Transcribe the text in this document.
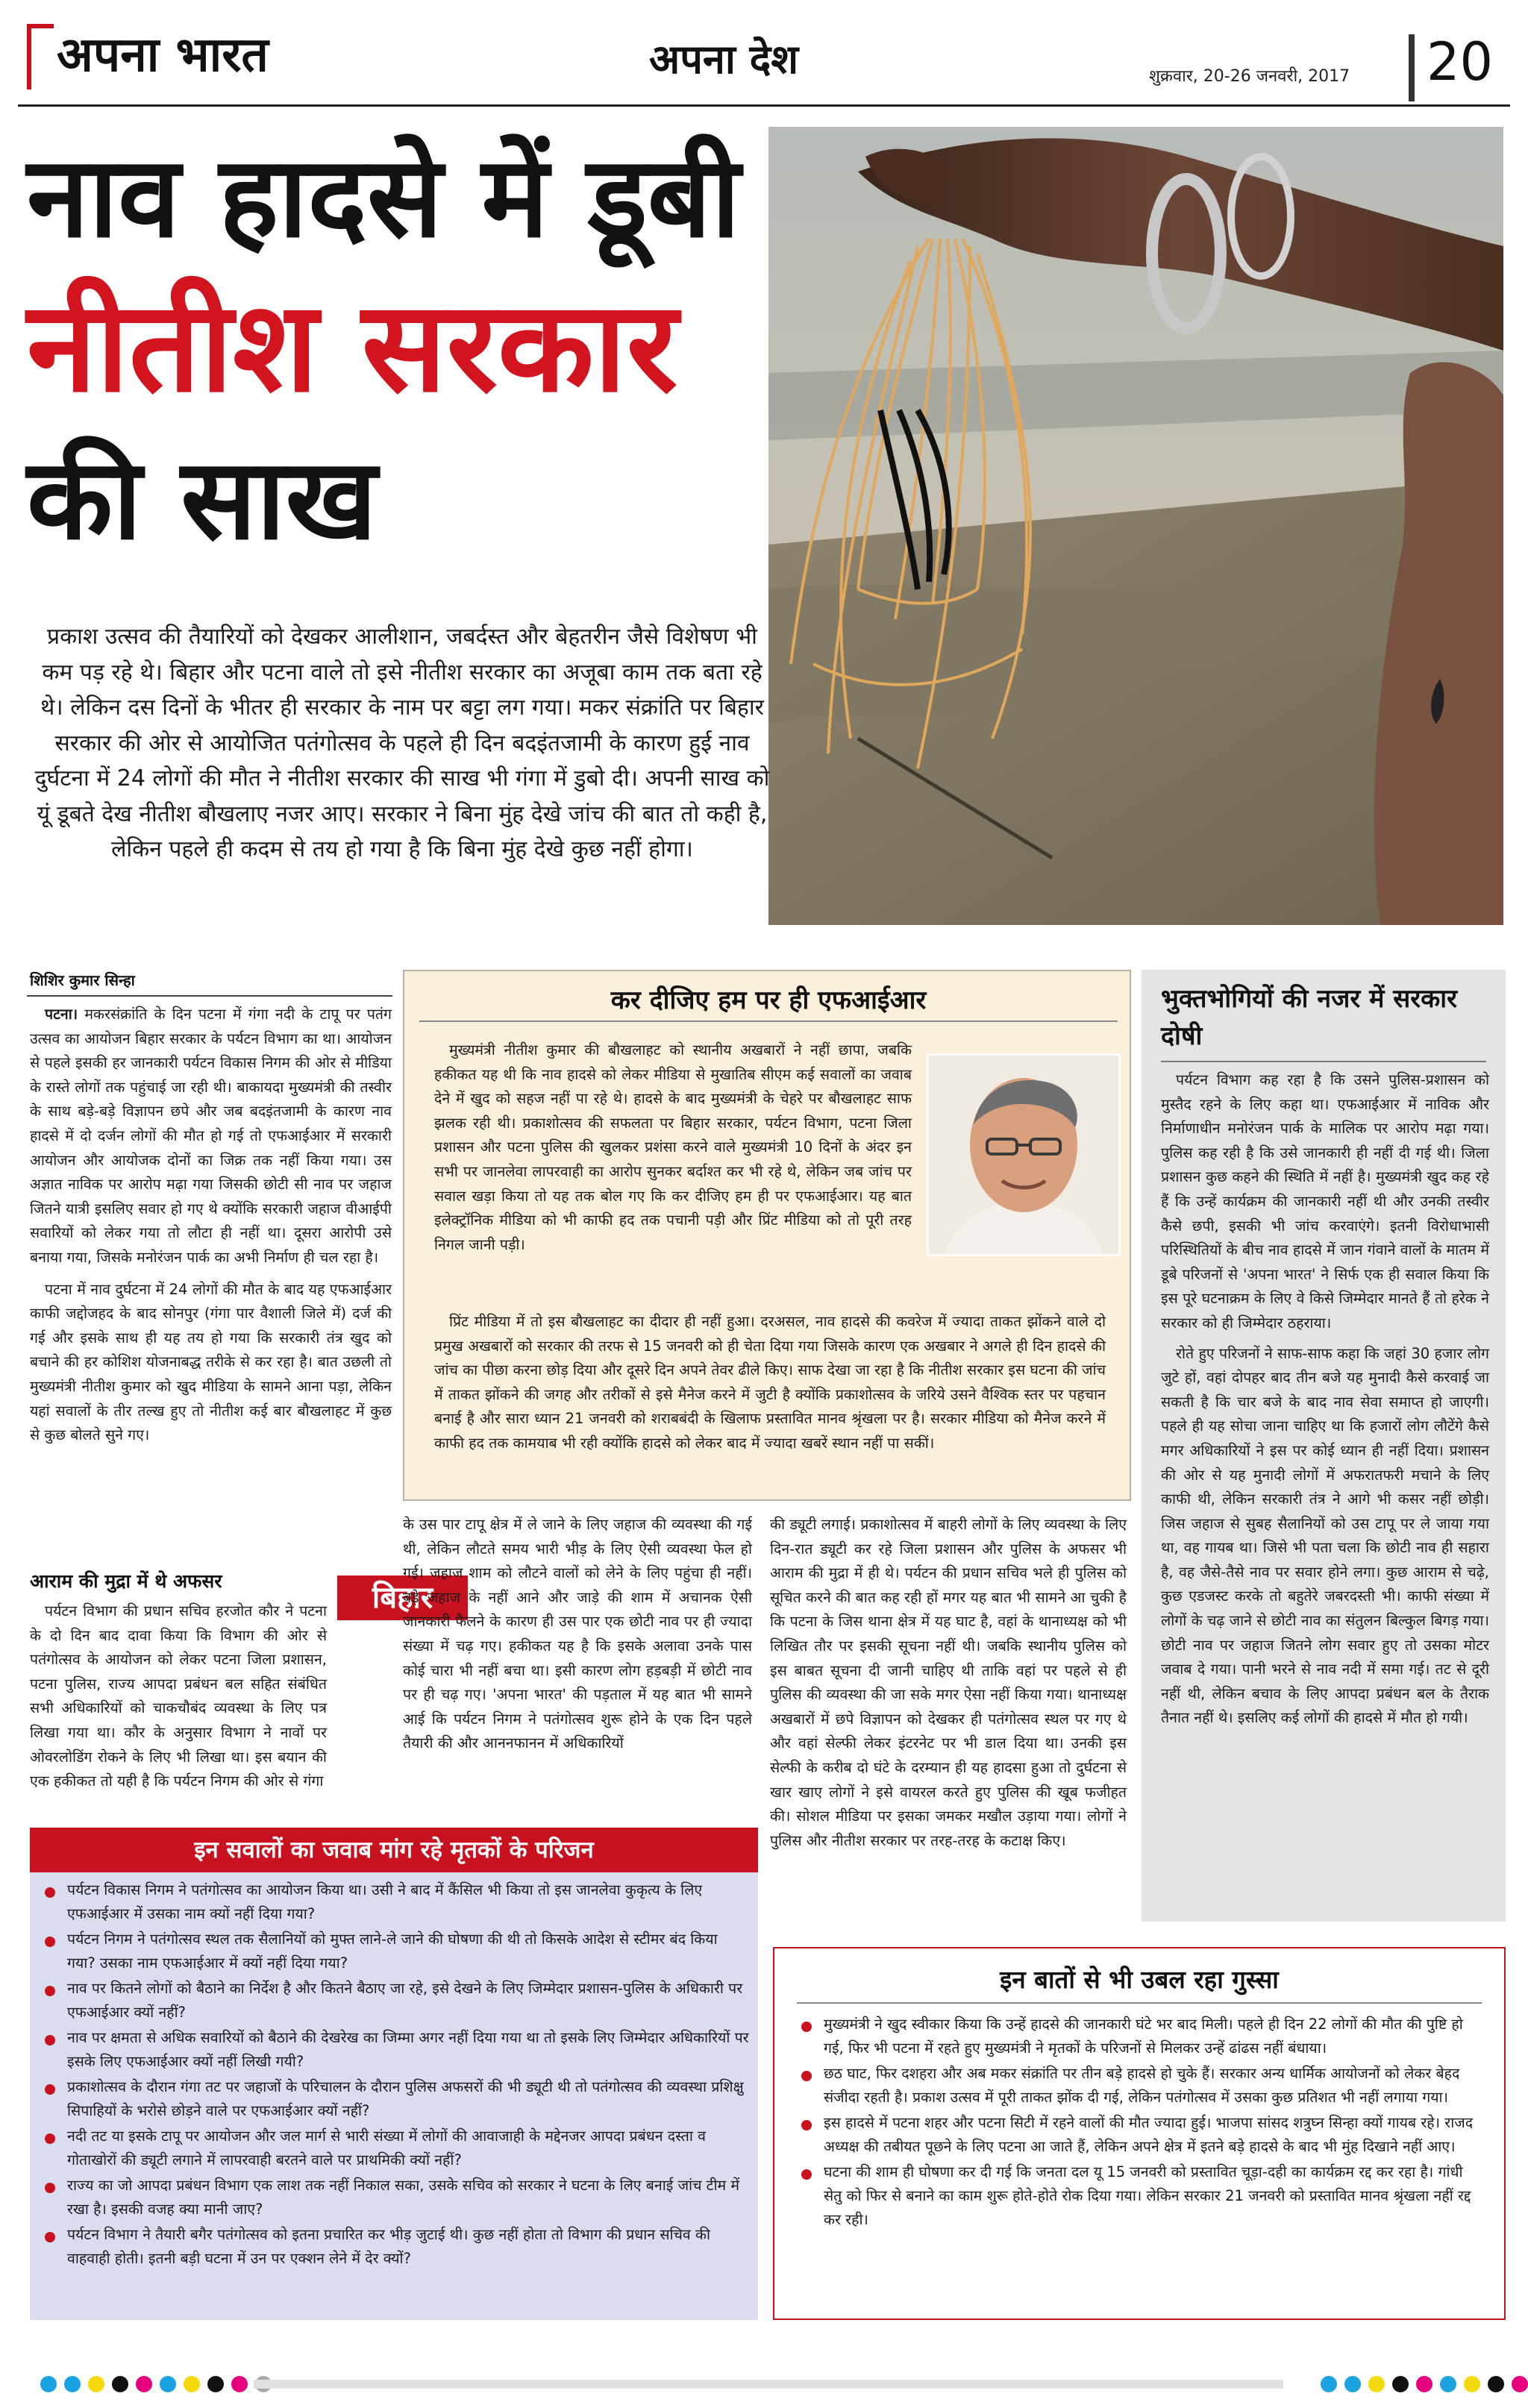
अपना भारत	अपना देश	शुक्रवार, 20-26 जनवरी, 2017 20
नाव हादसे में डूबी
नीतीश सरकार
की साख

प्रकाश उत्सव की तैयारियों को देखकर आलीशान, जबर्दस्त और बेहतरीन जैसे विशेषण भी कम पड़ रहे थे। बिहार और पटना वाले तो इसे नीतीश सरकार का अजूबा काम तक बता रहे थे। लेकिन दस दिनों के भीतर ही सरकार के नाम पर बट्टा लग गया। मकर संक्रांति पर बिहार सरकार की ओर से आयोजित पतंगोत्सव के पहले ही दिन बदइंतजामी के कारण हुई नाव दुर्घटना में 24 लोगों की मौत ने नीतीश सरकार की साख भी गंगा में डुबो दी। अपनी साख को यूं डूबते देख नीतीश बौखलाए नजर आए। सरकार ने बिना मुंह देखे जांच की बात तो कही है, लेकिन पहले ही कदम से तय हो गया है कि बिना मुंह देखे कुछ नहीं होगा।

शिशिर कुमार सिन्हा

पटना। मकरसंक्रांति के दिन पटना में गंगा नदी के टापू पर पतंग उत्सव का आयोजन बिहार सरकार के पर्यटन विभाग का था। आयोजन से पहले इसकी हर जानकारी पर्यटन विकास निगम की ओर से मीडिया के रास्ते लोगों तक पहुंचाई जा रही थी। बाकायदा मुख्यमंत्री की तस्वीर के साथ बड़े-बड़े विज्ञापन छपे और जब बदइंतजामी के कारण नाव हादसे में दो दर्जन लोगों की मौत हो गई तो एफआईआर में सरकारी आयोजन और आयोजक दोनों का जिक्र तक नहीं किया गया। उस अज्ञात नाविक पर आरोप मढ़ा गया जिसकी छोटी सी नाव पर जहाज जितने यात्री इसलिए सवार हो गए थे क्योंकि सरकारी जहाज वीआईपी सवारियों को लेकर गया तो लौटा ही नहीं था। दूसरा आरोपी उसे बनाया गया, जिसके मनोरंजन पार्क का अभी निर्माण ही चल रहा है।

पटना में नाव दुर्घटना में 24 लोगों की मौत के बाद यह एफआईआर काफी जद्दोजहद के बाद सोनपुर (गंगा पार वैशाली जिले में) दर्ज की गई और इसके साथ ही यह तय हो गया कि सरकारी तंत्र खुद को बचाने की हर कोशिश योजनाबद्ध तरीके से कर रहा है। बात उछली तो मुख्यमंत्री नीतीश कुमार को खुद मीडिया के सामने आना पड़ा, लेकिन यहां सवालों के तीर तल्ख हुए तो नीतीश कई बार बौखलाहट में कुछ से कुछ बोलते सुने गए।

आराम की मुद्रा में थे अफसर	बिहार

पर्यटन विभाग की प्रधान सचिव हरजोत कौर ने पटना के दो दिन बाद दावा किया कि विभाग की ओर से पतंगोत्सव के आयोजन को लेकर पटना जिला प्रशासन, पटना पुलिस, राज्य आपदा प्रबंधन बल सहित संबंधित सभी अधिकारियों को चाकचौबंद व्यवस्था के लिए पत्र लिखा गया था। कौर के अनुसार विभाग ने नावों पर ओवरलोडिंग रोकने के लिए भी लिखा था। इस बयान की एक हकीकत तो यही है कि पर्यटन निगम की ओर से गंगा

के उस पार टापू क्षेत्र में ले जाने के लिए जहाज की व्यवस्था की गई थी, लेकिन लौटते समय भारी भीड़ के लिए ऐसी व्यवस्था फेल हो गई। जहाज शाम को लौटने वालों को लेने के लिए पहुंचा ही नहीं। बड़े जहाज के नहीं आने और जाड़े की शाम में अचानक ऐसी जानकारी फैलने के कारण ही उस पार एक छोटी नाव पर ही ज्यादा संख्या में चढ़ गए। हकीकत यह है कि इसके अलावा उनके पास कोई चारा भी नहीं बचा था। इसी कारण लोग हड़बड़ी में छोटी नाव पर ही चढ़ गए। 'अपना भारत' की पड़ताल में यह बात भी सामने आई कि पर्यटन निगम ने पतंगोत्सव शुरू होने के एक दिन पहले तैयारी की और आननफानन में अधिकारियों

की ड्यूटी लगाई। प्रकाशोत्सव में बाहरी लोगों के लिए व्यवस्था के लिए दिन-रात ड्यूटी कर रहे जिला प्रशासन और पुलिस के अफसर भी आराम की मुद्रा में ही थे। पर्यटन की प्रधान सचिव भले ही पुलिस को सूचित करने की बात कह रही हों मगर यह बात भी सामने आ चुकी है कि पटना के जिस थाना क्षेत्र में यह घाट है, वहां के थानाध्यक्ष को भी लिखित तौर पर इसकी सूचना नहीं थी। जबकि स्थानीय पुलिस को इस बाबत सूचना दी जानी चाहिए थी ताकि वहां पर पहले से ही पुलिस की व्यवस्था की जा सके मगर ऐसा नहीं किया गया। थानाध्यक्ष अखबारों में छपे विज्ञापन को देखकर ही पतंगोत्सव स्थल पर गए थे और वहां सेल्फी लेकर इंटरनेट पर भी डाल दिया था। उनकी इस सेल्फी के करीब दो घंटे के दरम्यान ही यह हादसा हुआ तो दुर्घटना से खार खाए लोगों ने इसे वायरल करते हुए पुलिस की खूब फजीहत की। सोशल मीडिया पर इसका जमकर मखौल उड़ाया गया। लोगों ने पुलिस और नीतीश सरकार पर तरह-तरह के कटाक्ष किए।

कर दीजिए हम पर ही एफआईआर

मुख्यमंत्री नीतीश कुमार की बौखलाहट को स्थानीय अखबारों ने नहीं छापा, जबकि हकीकत यह थी कि नाव हादसे को लेकर मीडिया से मुखातिब सीएम कई सवालों का जवाब देने में खुद को सहज नहीं पा रहे थे। हादसे के बाद मुख्यमंत्री के चेहरे पर बौखलाहट साफ झलक रही थी। प्रकाशोत्सव की सफलता पर बिहार सरकार, पर्यटन विभाग, पटना जिला प्रशासन और पटना पुलिस की खुलकर प्रशंसा करने वाले मुख्यमंत्री 10 दिनों के अंदर इन सभी पर जानलेवा लापरवाही का आरोप सुनकर बर्दाश्त कर भी रहे थे, लेकिन जब जांच पर सवाल खड़ा किया तो यह तक बोल गए कि कर दीजिए हम ही पर एफआईआर। यह बात इलेक्ट्रॉनिक मीडिया को भी काफी हद तक पचानी पड़ी और प्रिंट मीडिया को तो पूरी तरह निगल जानी पड़ी।

प्रिंट मीडिया में तो इस बौखलाहट का दीदार ही नहीं हुआ। दरअसल, नाव हादसे की कवरेज में ज्यादा ताकत झोंकने वाले दो प्रमुख अखबारों को सरकार की तरफ से 15 जनवरी को ही चेता दिया गया जिसके कारण एक अखबार ने अगले ही दिन हादसे की जांच का पीछा करना छोड़ दिया और दूसरे दिन अपने तेवर ढीले किए। साफ देखा जा रहा है कि नीतीश सरकार इस घटना की जांच में ताकत झोंकने की जगह और तरीकों से इसे मैनेज करने में जुटी है क्योंकि प्रकाशोत्सव के जरिये उसने वैश्विक स्तर पर पहचान बनाई है और सारा ध्यान 21 जनवरी को शराबबंदी के खिलाफ प्रस्तावित मानव श्रृंखला पर है। सरकार मीडिया को मैनेज करने में काफी हद तक कामयाब भी रही क्योंकि हादसे को लेकर बाद में ज्यादा खबरें स्थान नहीं पा सकीं।

भुक्तभोगियों की नजर में सरकार दोषी

पर्यटन विभाग कह रहा है कि उसने पुलिस-प्रशासन को मुस्तैद रहने के लिए कहा था। एफआईआर में नाविक और निर्माणाधीन मनोरंजन पार्क के मालिक पर आरोप मढ़ा गया। पुलिस कह रही है कि उसे जानकारी ही नहीं दी गई थी। जिला प्रशासन कुछ कहने की स्थिति में नहीं है। मुख्यमंत्री खुद कह रहे हैं कि उन्हें कार्यक्रम की जानकारी नहीं थी और उनकी तस्वीर कैसे छपी, इसकी भी जांच करवाएंगे। इतनी विरोधाभासी परिस्थितियों के बीच नाव हादसे में जान गंवाने वालों के मातम में डूबे परिजनों से 'अपना भारत' ने सिर्फ एक ही सवाल किया कि इस पूरे घटनाक्रम के लिए वे किसे जिम्मेदार मानते हैं तो हरेक ने सरकार को ही जिम्मेदार ठहराया।

रोते हुए परिजनों ने साफ-साफ कहा कि जहां 30 हजार लोग जुटे हों, वहां दोपहर बाद तीन बजे यह मुनादी कैसे करवाई जा सकती है कि चार बजे के बाद नाव सेवा समाप्त हो जाएगी। पहले ही यह सोचा जाना चाहिए था कि हजारों लोग लौटेंगे कैसे मगर अधिकारियों ने इस पर कोई ध्यान ही नहीं दिया। प्रशासन की ओर से यह मुनादी लोगों में अफरातफरी मचाने के लिए काफी थी, लेकिन सरकारी तंत्र ने आगे भी कसर नहीं छोड़ी। जिस जहाज से सुबह सैलानियों को उस टापू पर ले जाया गया था, वह गायब था। जिसे भी पता चला कि छोटी नाव ही सहारा है, वह जैसे-तैसे नाव पर सवार होने लगा। कुछ आराम से चढ़े, कुछ एडजस्ट करके तो बहुतेरे जबरदस्ती भी। काफी संख्या में लोगों के चढ़ जाने से छोटी नाव का संतुलन बिल्कुल बिगड़ गया। छोटी नाव पर जहाज जितने लोग सवार हुए तो उसका मोटर जवाब दे गया। पानी भरने से नाव नदी में समा गई। तट से दूरी नहीं थी, लेकिन बचाव के लिए आपदा प्रबंधन बल के तैराक तैनात नहीं थे। इसलिए कई लोगों की हादसे में मौत हो गयी।

इन सवालों का जवाब मांग रहे मृतकों के परिजन
पर्यटन विकास निगम ने पतंगोत्सव का आयोजन किया था। उसी ने बाद में कैंसिल भी किया तो इस जानलेवा कुकृत्य के लिए एफआईआर में उसका नाम क्यों नहीं दिया गया?
पर्यटन निगम ने पतंगोत्सव स्थल तक सैलानियों को मुफ्त लाने-ले जाने की घोषणा की थी तो किसके आदेश से स्टीमर बंद किया गया? उसका नाम एफआईआर में क्यों नहीं दिया गया?
नाव पर कितने लोगों को बैठाने का निर्देश है और कितने बैठाए जा रहे, इसे देखने के लिए जिम्मेदार प्रशासन-पुलिस के अधिकारी पर एफआईआर क्यों नहीं?
नाव पर क्षमता से अधिक सवारियों को बैठाने की देखरेख का जिम्मा अगर नहीं दिया गया था तो इसके लिए जिम्मेदार अधिकारियों पर इसके लिए एफआईआर क्यों नहीं लिखी गयी?
प्रकाशोत्सव के दौरान गंगा तट पर जहाजों के परिचालन के दौरान पुलिस अफसरों की भी ड्यूटी थी तो पतंगोत्सव की व्यवस्था प्रशिक्षु सिपाहियों के भरोसे छोड़ने वाले पर एफआईआर क्यों नहीं?
नदी तट या इसके टापू पर आयोजन और जल मार्ग से भारी संख्या में लोगों की आवाजाही के मद्देनजर आपदा प्रबंधन दस्ता व गोताखोरों की ड्यूटी लगाने में लापरवाही बरतने वाले पर प्राथमिकी क्यों नहीं?
राज्य का जो आपदा प्रबंधन विभाग एक लाश तक नहीं निकाल सका, उसके सचिव को सरकार ने घटना के लिए बनाई जांच टीम में रखा है। इसकी वजह क्या मानी जाए?
पर्यटन विभाग ने तैयारी बगैर पतंगोत्सव को इतना प्रचारित कर भीड़ जुटाई थी। कुछ नहीं होता तो विभाग की प्रधान सचिव की वाहवाही होती। इतनी बड़ी घटना में उन पर एक्शन लेने में देर क्यों?
इन बातों से भी उबल रहा गुस्सा
मुख्यमंत्री ने खुद स्वीकार किया कि उन्हें हादसे की जानकारी घंटे भर बाद मिली। पहले ही दिन 22 लोगों की मौत की पुष्टि हो गई, फिर भी पटना में रहते हुए मुख्यमंत्री ने मृतकों के परिजनों से मिलकर उन्हें ढांढस नहीं बंधाया।
छठ घाट, फिर दशहरा और अब मकर संक्रांति पर तीन बड़े हादसे हो चुके हैं। सरकार अन्य धार्मिक आयोजनों को लेकर बेहद संजीदा रहती है। प्रकाश उत्सव में पूरी ताकत झोंक दी गई, लेकिन पतंगोत्सव में उसका कुछ प्रतिशत भी नहीं लगाया गया।
इस हादसे में पटना शहर और पटना सिटी में रहने वालों की मौत ज्यादा हुई। भाजपा सांसद शत्रुघ्न सिन्हा क्यों गायब रहे। राजद अध्यक्ष की तबीयत पूछने के लिए पटना आ जाते हैं, लेकिन अपने क्षेत्र में इतने बड़े हादसे के बाद भी मुंह दिखाने नहीं आए।
घटना की शाम ही घोषणा कर दी गई कि जनता दल यू 15 जनवरी को प्रस्तावित चूड़ा-दही का कार्यक्रम रद्द कर रहा है। गांधी सेतु को फिर से बनाने का काम शुरू होते-होते रोक दिया गया। लेकिन सरकार 21 जनवरी को प्रस्तावित मानव श्रृंखला नहीं रद्द कर रही।
